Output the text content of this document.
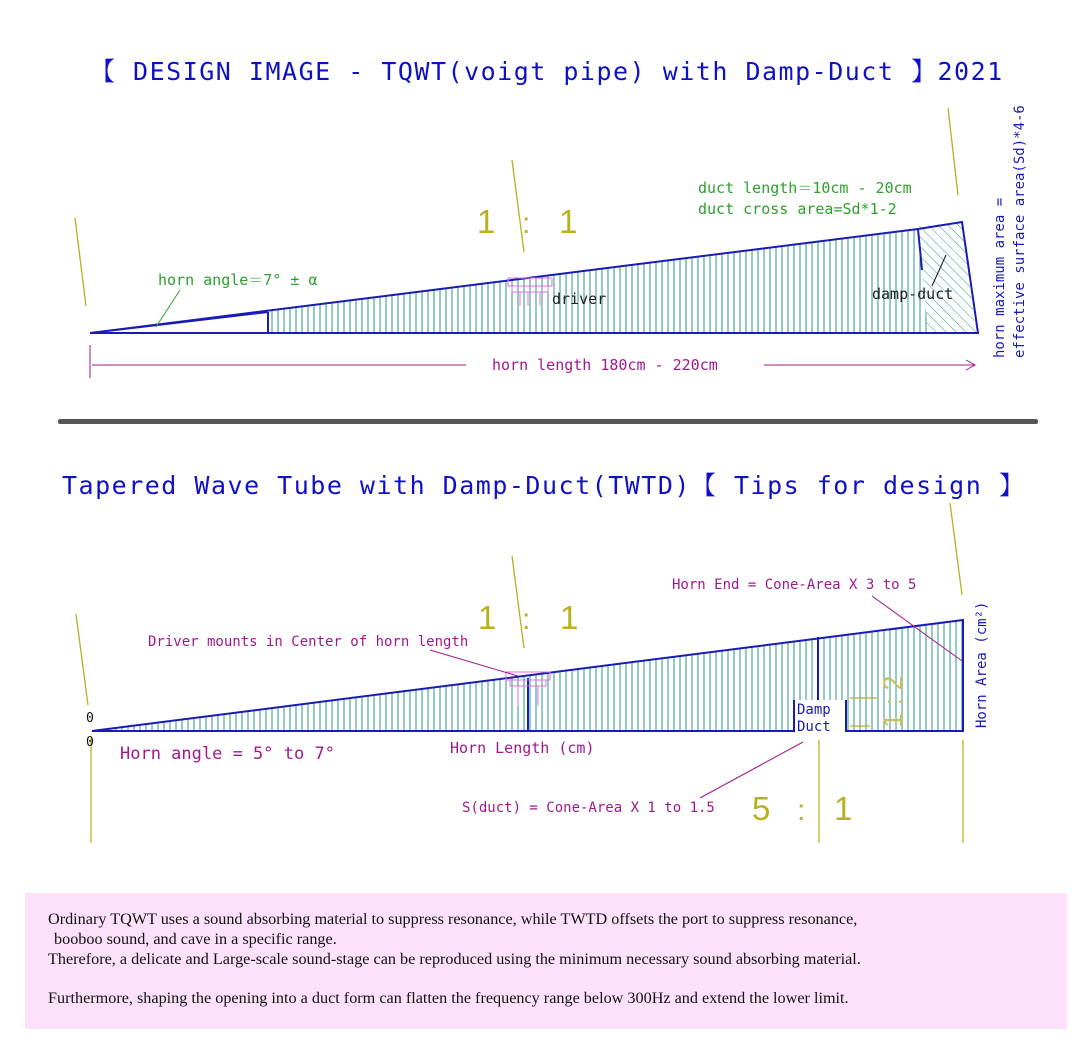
【 DESIGN IMAGE - TQWT(voigt pipe) with Damp-Duct 】2021
Tapered Wave Tube with Damp-Duct(TWTD)【 Tips for design 】
1 : 1
duct length＝10cm - 20cm
duct cross area=Sd*1-2
horn angle＝7° ± α
driver	damp-duct
horn length 180cm - 220cm
horn maximum area = effective surface area(Sd)*4-6
1 : 1
Driver mounts in Center of horn length
Horn End = Cone-Area X 3 to 5
0
0
Horn angle = 5° to 7°	Horn Length (cm)
Damp
Duct	Horn Area (cm²)
1 : 2
S(duct) = Cone-Area X 1 to 1.5 5 : 1

Ordinary TQWT uses a sound absorbing material to suppress resonance, while TWTD offsets the port to suppress resonance,

booboo sound, and cave in a specific range.

Therefore, a delicate and Large-scale sound-stage can be reproduced using the minimum necessary sound absorbing material.

Furthermore, shaping the opening into a duct form can flatten the frequency range below 300Hz and extend the lower limit.
